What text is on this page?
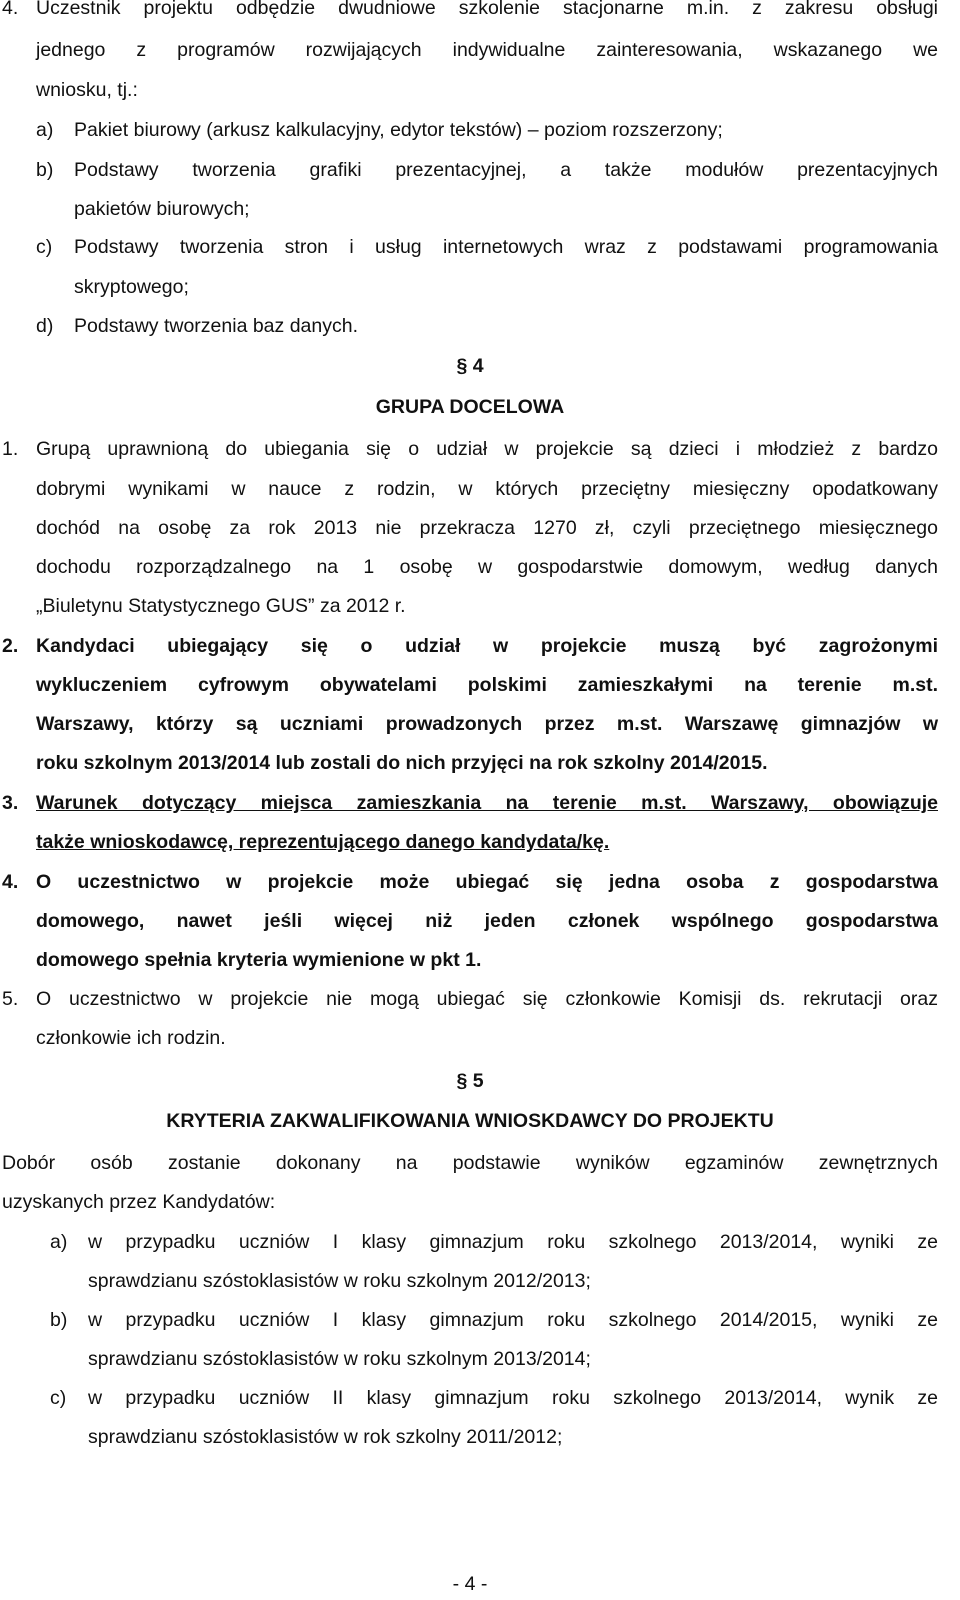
4. Uczestnik projektu odbędzie dwudniowe szkolenie stacjonarne m.in. z zakresu obsługi
jednego z programów rozwijających indywidualne zainteresowania, wskazanego we
wniosku, tj.:
a) Pakiet biurowy (arkusz kalkulacyjny, edytor tekstów) – poziom rozszerzony;
b) Podstawy tworzenia grafiki prezentacyjnej, a także modułów prezentacyjnych
pakietów biurowych;
c) Podstawy tworzenia stron i usług internetowych wraz z podstawami programowania
skryptowego;
d) Podstawy tworzenia baz danych.
§ 4
GRUPA DOCELOWA
1. Grupą uprawnioną do ubiegania się o udział w projekcie są dzieci i młodzież z bardzo
dobrymi wynikami w nauce z rodzin, w których przeciętny miesięczny opodatkowany
dochód na osobę za rok 2013 nie przekracza 1270 zł, czyli przeciętnego miesięcznego
dochodu rozporządzalnego na 1 osobę w gospodarstwie domowym, według danych
„Biuletynu Statystycznego GUS” za 2012 r.
2. Kandydaci ubiegający się o udział w projekcie muszą być zagrożonymi
wykluczeniem cyfrowym obywatelami polskimi zamieszkałymi na terenie m.st.
Warszawy, którzy są uczniami prowadzonych przez m.st. Warszawę gimnazjów w
roku szkolnym 2013/2014 lub zostali do nich przyjęci na rok szkolny 2014/2015.
3. Warunek dotyczący miejsca zamieszkania na terenie m.st. Warszawy, obowiązuje
także wnioskodawcę, reprezentującego danego kandydata/kę.
4. O uczestnictwo w projekcie może ubiegać się jedna osoba z gospodarstwa
domowego, nawet jeśli więcej niż jeden członek wspólnego gospodarstwa
domowego spełnia kryteria wymienione w pkt 1.
5. O uczestnictwo w projekcie nie mogą ubiegać się członkowie Komisji ds. rekrutacji oraz
członkowie ich rodzin.
§ 5
KRYTERIA ZAKWALIFIKOWANIA WNIOSKDAWCY DO PROJEKTU
Dobór osób zostanie dokonany na podstawie wyników egzaminów zewnętrznych
uzyskanych przez Kandydatów:
a) w przypadku uczniów I klasy gimnazjum roku szkolnego 2013/2014, wyniki ze
sprawdzianu szóstoklasistów w roku szkolnym 2012/2013;
b) w przypadku uczniów I klasy gimnazjum roku szkolnego 2014/2015, wyniki ze
sprawdzianu szóstoklasistów w roku szkolnym 2013/2014;
c) w przypadku uczniów II klasy gimnazjum roku szkolnego 2013/2014, wynik ze
sprawdzianu szóstoklasistów w rok szkolny 2011/2012;
- 4 -
